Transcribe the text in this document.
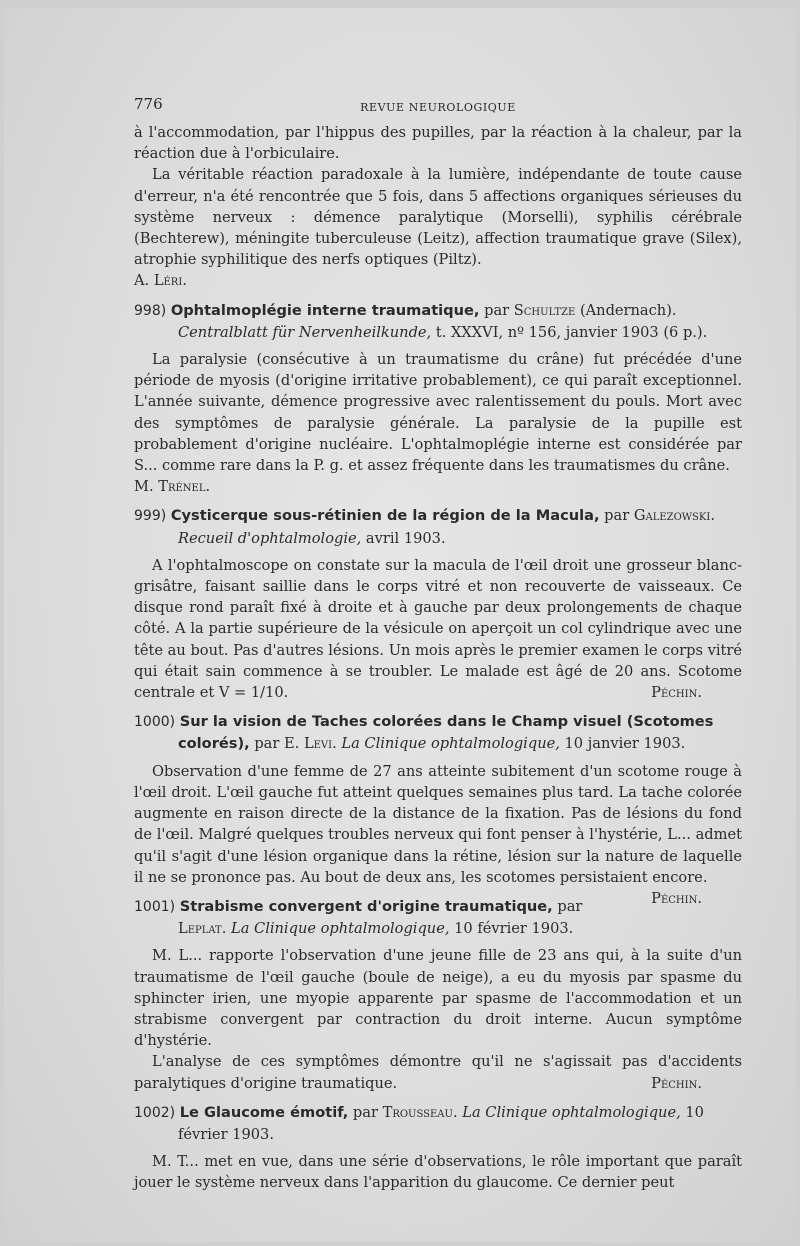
776	REVUE NEUROLOGIQUE

à l'accommodation, par l'hippus des pupilles, par la réaction à la chaleur, par la réaction due à l'orbiculaire.

La véritable réaction paradoxale à la lumière, indépendante de toute cause d'erreur, n'a été rencontrée que 5 fois, dans 5 affections organiques sérieuses du système nerveux : démence paralytique (Morselli), syphilis cérébrale (Bechterew), méningite tuberculeuse (Leitz), affection traumatique grave (Silex), atrophie syphilitique des nerfs optiques (Piltz).

A. Léri.

998) Ophtalmoplégie interne traumatique, par Schultze (Andernach). Centralblatt für Nervenheilkunde, t. XXXVI, nº 156, janvier 1903 (6 p.).

La paralysie (consécutive à un traumatisme du crâne) fut précédée d'une période de myosis (d'origine irritative probablement), ce qui paraît exceptionnel. L'année suivante, démence progressive avec ralentissement du pouls. Mort avec des symptômes de paralysie générale. La paralysie de la pupille est probablement d'origine nucléaire. L'ophtalmoplégie interne est considérée par S... comme rare dans la P. g. et assez fréquente dans les traumatismes du crâne.

M. Trénel.

999) Cysticerque sous-rétinien de la région de la Macula, par Galezowski. Recueil d'ophtalmologie, avril 1903.

A l'ophtalmoscope on constate sur la macula de l'œil droit une grosseur blanc-grisâtre, faisant saillie dans le corps vitré et non recouverte de vaisseaux. Ce disque rond paraît fixé à droite et à gauche par deux prolongements de chaque côté. A la partie supérieure de la vésicule on aperçoit un col cylindrique avec une tête au bout. Pas d'autres lésions. Un mois après le premier examen le corps vitré qui était sain commence à se troubler. Le malade est âgé de 20 ans. Scotome centrale et V = 1/10.	Péchin.

1000) Sur la vision de Taches colorées dans le Champ visuel (Scotomes colorés), par E. Levi. La Clinique ophtalmologique, 10 janvier 1903.

Observation d'une femme de 27 ans atteinte subitement d'un scotome rouge à l'œil droit. L'œil gauche fut atteint quelques semaines plus tard. La tache colorée augmente en raison directe de la distance de la fixation. Pas de lésions du fond de l'œil. Malgré quelques troubles nerveux qui font penser à l'hystérie, L... admet qu'il s'agit d'une lésion organique dans la rétine, lésion sur la nature de laquelle il ne se prononce pas. Au bout de deux ans, les scotomes persistaient encore.
Péchin.

1001) Strabisme convergent d'origine traumatique, par Leplat. La Clinique ophtalmologique, 10 février 1903.

M. L... rapporte l'observation d'une jeune fille de 23 ans qui, à la suite d'un traumatisme de l'œil gauche (boule de neige), a eu du myosis par spasme du sphincter irien, une myopie apparente par spasme de l'accommodation et un strabisme convergent par contraction du droit interne. Aucun symptôme d'hystérie.

L'analyse de ces symptômes démontre qu'il ne s'agissait pas d'accidents paralytiques d'origine traumatique.	Péchin.

1002) Le Glaucome émotif, par Trousseau. La Clinique ophtalmologique, 10 février 1903.

M. T... met en vue, dans une série d'observations, le rôle important que paraît jouer le système nerveux dans l'apparition du glaucome. Ce dernier peut
